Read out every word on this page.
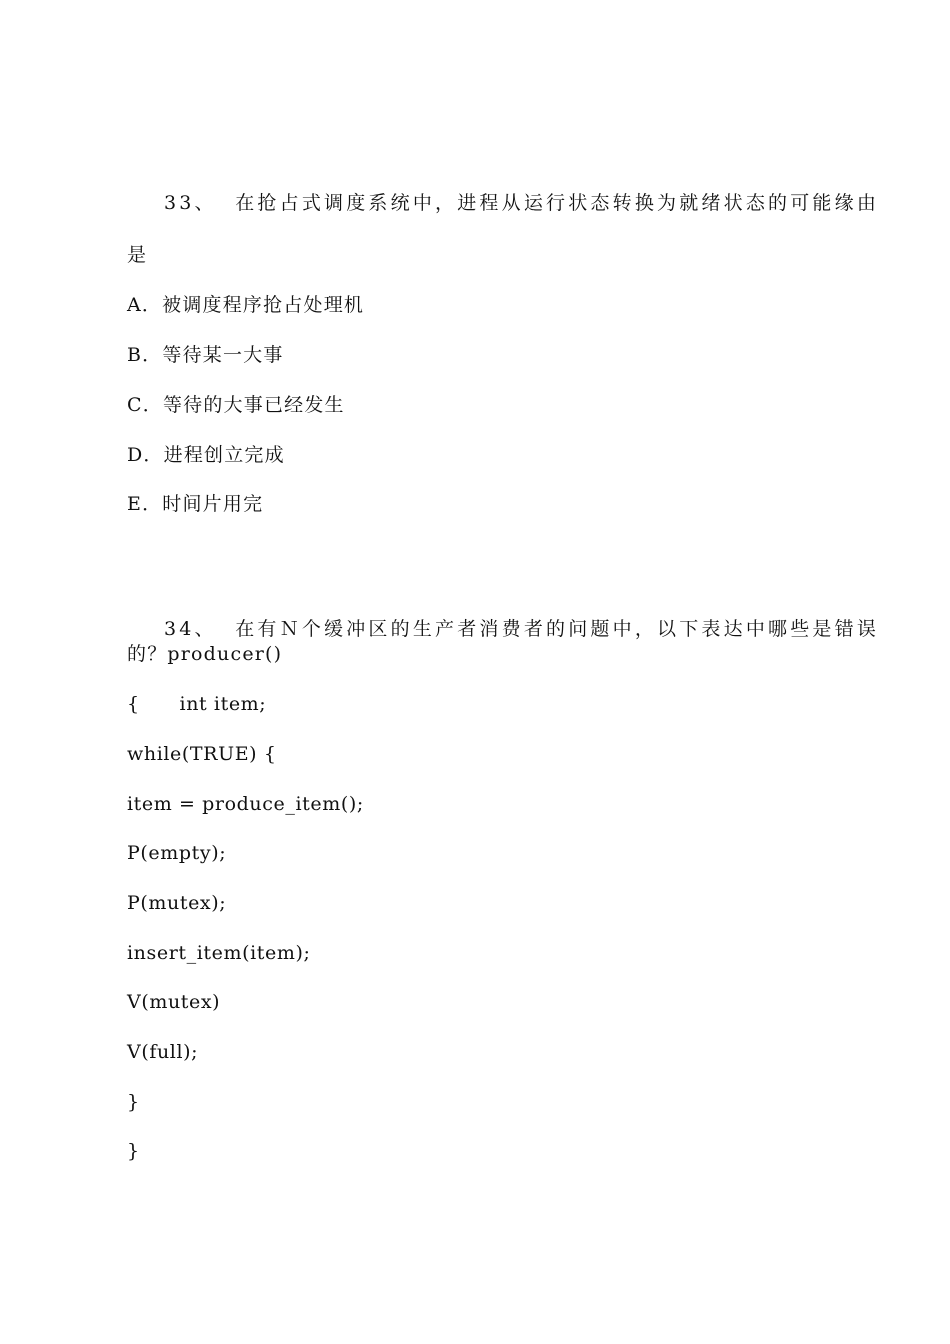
33、 在抢占式调度系统中，进程从运行状态转换为就绪状态的可能缘由

是
A．被调度程序抢占处理机
B．等待某一大事
C．等待的大事已经发生
D．进程创立完成
E．时间片用完

34、 在有Ｎ个缓冲区的生产者消费者的问题中，以下表达中哪些是错误

的？producer()
{      int item;
while(TRUE) {
item = produce_item();
P(empty);
P(mutex);
insert_item(item);
V(mutex)
V(full);
}
}
